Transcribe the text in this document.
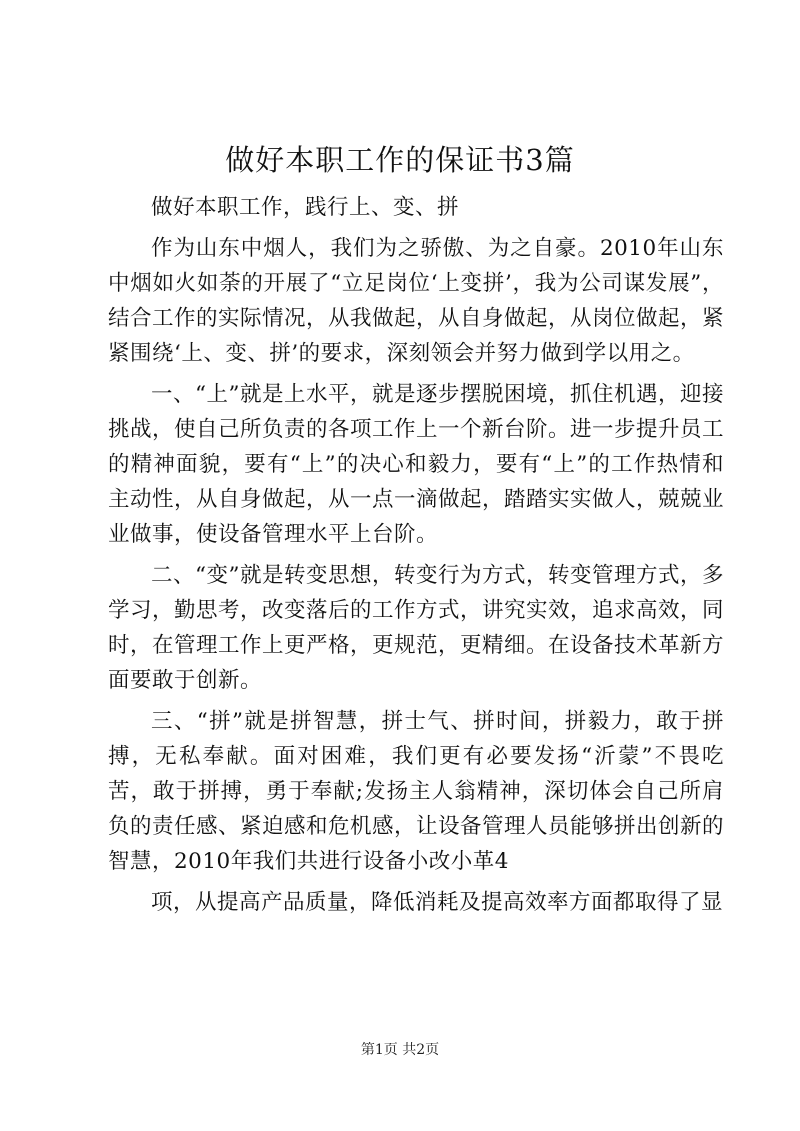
做好本职工作的保证书3篇

做好本职工作，践行上、变、拼

作为山东中烟人，我们为之骄傲、为之自豪。2010年山东中烟如火如荼的开展了“立足岗位‘上变拼’，我为公司谋发展”，结合工作的实际情况，从我做起，从自身做起，从岗位做起，紧紧围绕‘上、变、拼’的要求，深刻领会并努力做到学以用之。

一、“上”就是上水平，就是逐步摆脱困境，抓住机遇，迎接挑战，使自己所负责的各项工作上一个新台阶。进一步提升员工的精神面貌，要有“上”的决心和毅力，要有“上”的工作热情和主动性，从自身做起，从一点一滴做起，踏踏实实做人，兢兢业业做事，使设备管理水平上台阶。

二、“变”就是转变思想，转变行为方式，转变管理方式，多学习，勤思考，改变落后的工作方式，讲究实效，追求高效，同时，在管理工作上更严格，更规范，更精细。在设备技术革新方面要敢于创新。

三、“拼”就是拼智慧，拼士气、拼时间，拼毅力，敢于拼搏，无私奉献。面对困难，我们更有必要发扬“沂蒙”不畏吃苦，敢于拼搏，勇于奉献;发扬主人翁精神，深切体会自己所肩负的责任感、紧迫感和危机感，让设备管理人员能够拼出创新的智慧，2010年我们共进行设备小改小革4

项，从提高产品质量，降低消耗及提高效率方面都取得了显

第1页 共2页
